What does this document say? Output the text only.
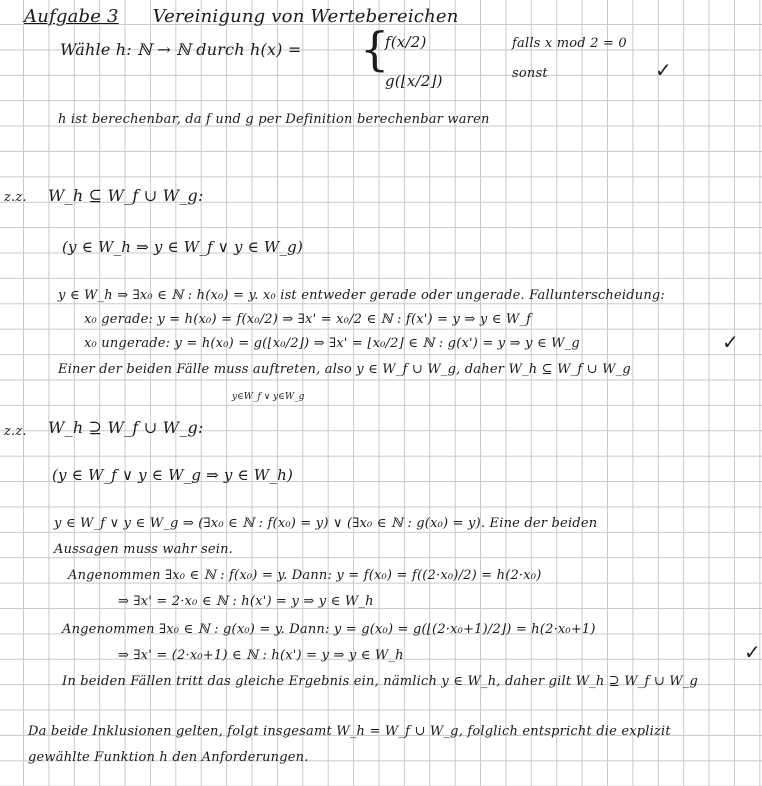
Aufgabe 3 Vereinigung von Wertebereichen
Wähle h: ℕ → ℕ durch h(x) = {
f(x/2)	falls x mod 2 = 0
g(⌊x/2⌋)	sonst	✓
h ist berechenbar, da f und g per Definition berechenbar waren
z.z. W_h ⊆ W_f ∪ W_g:
(y ∈ W_h ⇒ y ∈ W_f ∨ y ∈ W_g)
y ∈ W_h ⇒ ∃x₀ ∈ ℕ : h(x₀) = y. x₀ ist entweder gerade oder ungerade. Fallunterscheidung:
x₀ gerade: y = h(x₀) = f(x₀/2) ⇒ ∃x' = x₀/2 ∈ ℕ : f(x') = y ⇒ y ∈ W_f
x₀ ungerade: y = h(x₀) = g(⌊x₀/2⌋) ⇒ ∃x' = ⌊x₀/2⌋ ∈ ℕ : g(x') = y ⇒ y ∈ W_g	✓
Einer der beiden Fälle muss auftreten, also y ∈ W_f ∪ W_g, daher W_h ⊆ W_f ∪ W_g
y∈W_f ∨ y∈W_g
z.z. W_h ⊇ W_f ∪ W_g:
(y ∈ W_f ∨ y ∈ W_g ⇒ y ∈ W_h)
y ∈ W_f ∨ y ∈ W_g ⇒ (∃x₀ ∈ ℕ : f(x₀) = y) ∨ (∃x₀ ∈ ℕ : g(x₀) = y). Eine der beiden
Aussagen muss wahr sein.
Angenommen ∃x₀ ∈ ℕ : f(x₀) = y. Dann: y = f(x₀) = f((2·x₀)/2) = h(2·x₀)
⇒ ∃x' = 2·x₀ ∈ ℕ : h(x') = y ⇒ y ∈ W_h
Angenommen ∃x₀ ∈ ℕ : g(x₀) = y. Dann: y = g(x₀) = g(⌊(2·x₀+1)/2⌋) = h(2·x₀+1)
⇒ ∃x' = (2·x₀+1) ∈ ℕ : h(x') = y ⇒ y ∈ W_h	✓
In beiden Fällen tritt das gleiche Ergebnis ein, nämlich y ∈ W_h, daher gilt W_h ⊇ W_f ∪ W_g
Da beide Inklusionen gelten, folgt insgesamt W_h = W_f ∪ W_g, folglich entspricht die explizit
gewählte Funktion h den Anforderungen.
